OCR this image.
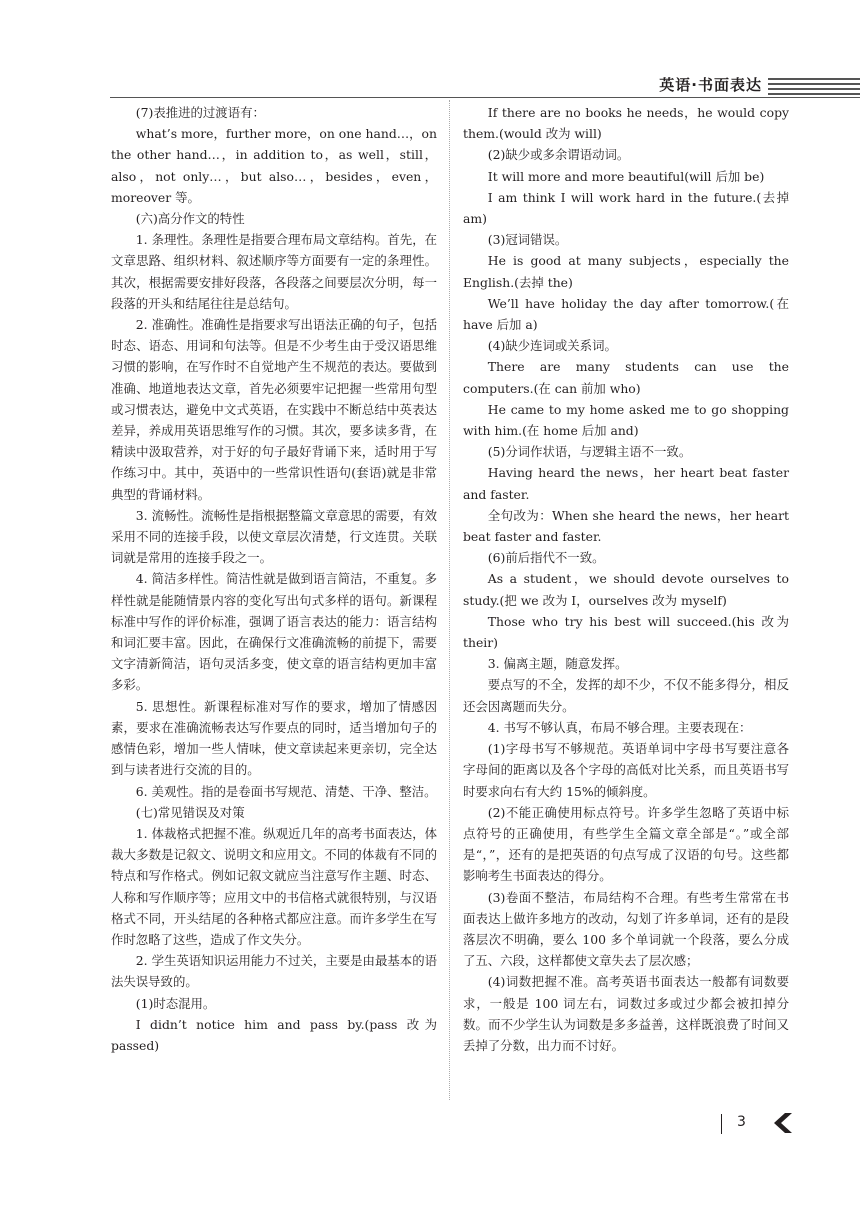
英语·书面表达

(7)表推进的过渡语有：

what’s more，further more，on one hand…，on the other hand…，in addition to，as well，still，also，not only…，but also…，besides，even，moreover 等。

(六)高分作文的特性

1. 条理性。条理性是指要合理布局文章结构。首先，在文章思路、组织材料、叙述顺序等方面要有一定的条理性。其次，根据需要安排好段落，各段落之间要层次分明，每一段落的开头和结尾往往是总结句。

2. 准确性。准确性是指要求写出语法正确的句子，包括时态、语态、用词和句法等。但是不少考生由于受汉语思维习惯的影响，在写作时不自觉地产生不规范的表达。要做到准确、地道地表达文章，首先必须要牢记把握一些常用句型或习惯表达，避免中文式英语，在实践中不断总结中英表达差异，养成用英语思维写作的习惯。其次，要多读多背，在精读中汲取营养，对于好的句子最好背诵下来，适时用于写作练习中。其中，英语中的一些常识性语句(套语)就是非常典型的背诵材料。

3. 流畅性。流畅性是指根据整篇文章意思的需要，有效采用不同的连接手段，以使文章层次清楚，行文连贯。关联词就是常用的连接手段之一。

4. 简洁多样性。简洁性就是做到语言简洁，不重复。多样性就是能随情景内容的变化写出句式多样的语句。新课程标准中写作的评价标准，强调了语言表达的能力：语言结构和词汇要丰富。因此，在确保行文准确流畅的前提下，需要文字清新简洁，语句灵活多变，使文章的语言结构更加丰富多彩。

5. 思想性。新课程标准对写作的要求，增加了情感因素，要求在准确流畅表达写作要点的同时，适当增加句子的感情色彩，增加一些人情味，使文章读起来更亲切，完全达到与读者进行交流的目的。

6. 美观性。指的是卷面书写规范、清楚、干净、整洁。

(七)常见错误及对策

1. 体裁格式把握不准。纵观近几年的高考书面表达，体裁大多数是记叙文、说明文和应用文。不同的体裁有不同的特点和写作格式。例如记叙文就应当注意写作主题、时态、人称和写作顺序等；应用文中的书信格式就很特别，与汉语格式不同，开头结尾的各种格式都应注意。而许多学生在写作时忽略了这些，造成了作文失分。

2. 学生英语知识运用能力不过关，主要是由最基本的语法失误导致的。

(1)时态混用。

I didn’t notice him and pass by.(pass 改为 passed)

If there are no books he needs，he would copy them.(would 改为 will)

(2)缺少或多余谓语动词。

It will more and more beautiful(will 后加 be)

I am think I will work hard in the future.(去掉 am)

(3)冠词错误。

He is good at many subjects，especially the English.(去掉 the)

We’ll have holiday the day after tomorrow.(在 have 后加 a)

(4)缺少连词或关系词。

There are many students can use the computers.(在 can 前加 who)

He came to my home asked me to go shopping with him.(在 home 后加 and)

(5)分词作状语，与逻辑主语不一致。

Having heard the news，her heart beat faster and faster.

全句改为：When she heard the news，her heart beat faster and faster.

(6)前后指代不一致。

As a student，we should devote ourselves to study.(把 we 改为 I，ourselves 改为 myself)

Those who try his best will succeed.(his 改为 their)

3. 偏离主题，随意发挥。

要点写的不全，发挥的却不少，不仅不能多得分，相反还会因离题而失分。

4. 书写不够认真，布局不够合理。主要表现在：

(1)字母书写不够规范。英语单词中字母书写要注意各字母间的距离以及各个字母的高低对比关系，而且英语书写时要求向右有大约 15%的倾斜度。

(2)不能正确使用标点符号。许多学生忽略了英语中标点符号的正确使用，有些学生全篇文章全部是“。”或全部是“，”，还有的是把英语的句点写成了汉语的句号。这些都影响考生书面表达的得分。

(3)卷面不整洁，布局结构不合理。有些考生常常在书面表达上做许多地方的改动，勾划了许多单词，还有的是段落层次不明确，要么 100 多个单词就一个段落，要么分成了五、六段，这样都使文章失去了层次感；

(4)词数把握不准。高考英语书面表达一般都有词数要求，一般是 100 词左右，词数过多或过少都会被扣掉分数。而不少学生认为词数是多多益善，这样既浪费了时间又丢掉了分数，出力而不讨好。

3
